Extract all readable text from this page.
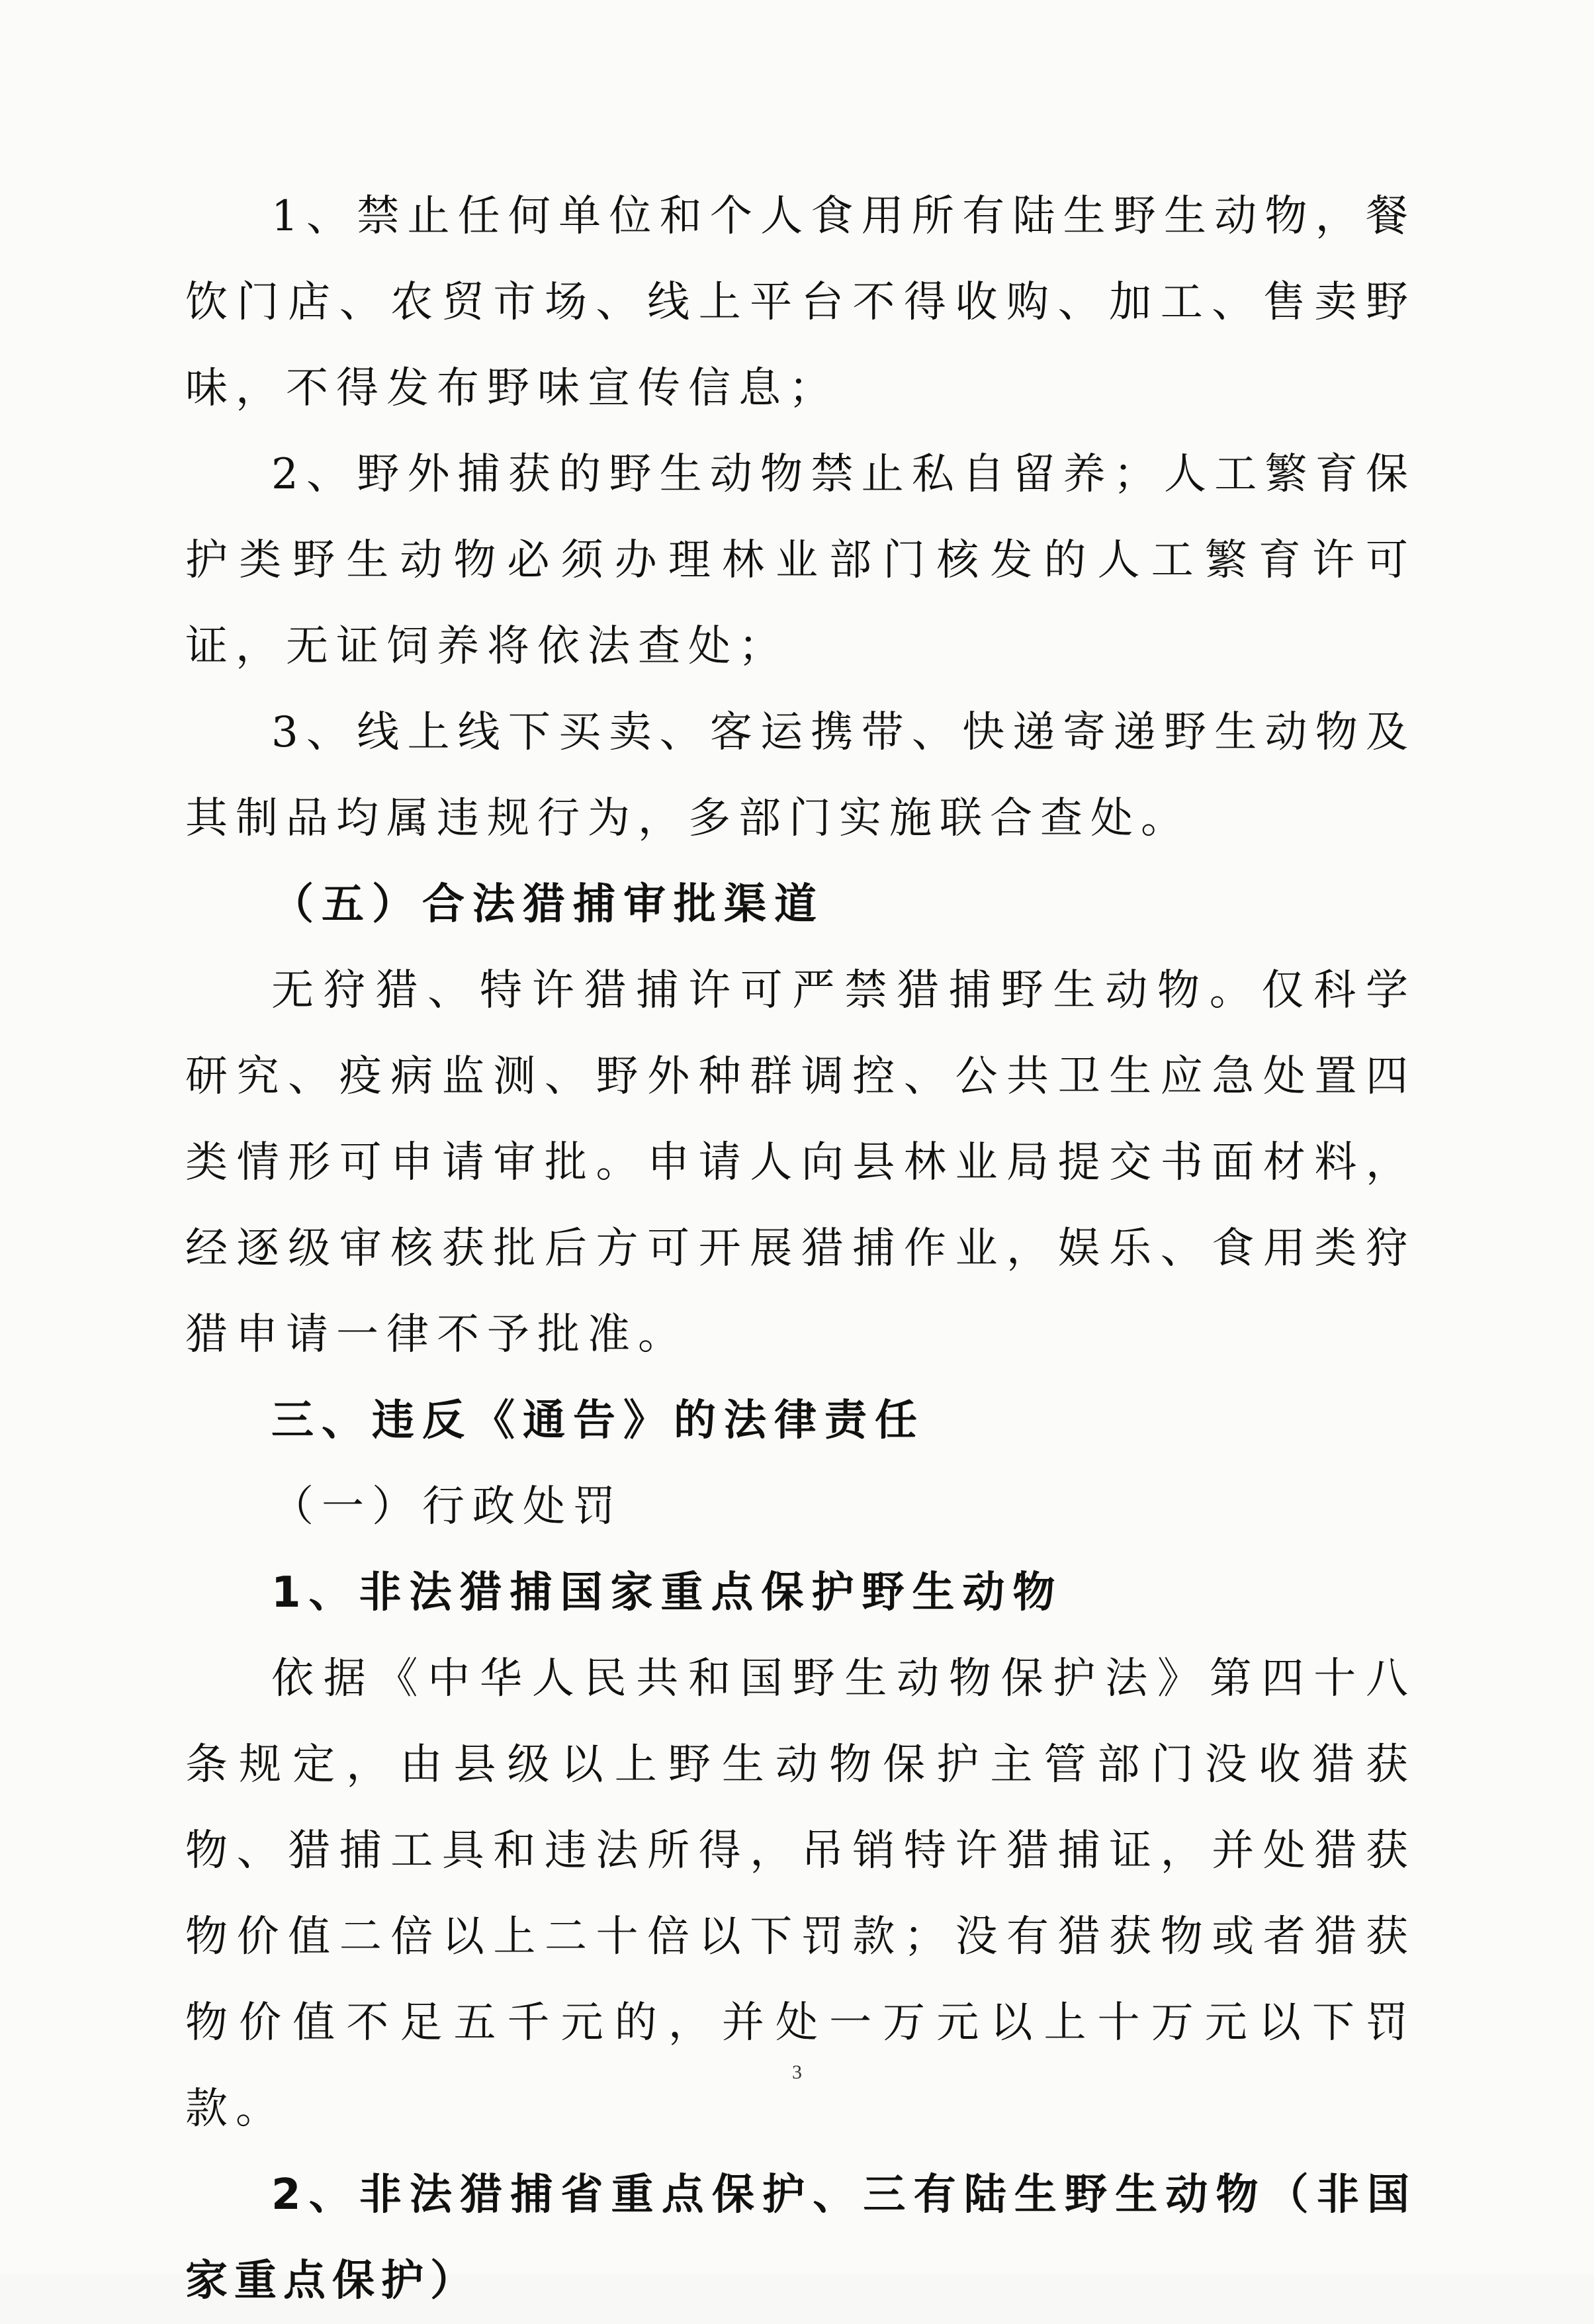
1、禁止任何单位和个人食用所有陆生野生动物，餐饮门店、农贸市场、线上平台不得收购、加工、售卖野味，不得发布野味宣传信息；

2、野外捕获的野生动物禁止私自留养；人工繁育保护类野生动物必须办理林业部门核发的人工繁育许可证，无证饲养将依法查处；

3、线上线下买卖、客运携带、快递寄递野生动物及其制品均属违规行为，多部门实施联合查处。

（五）合法猎捕审批渠道

无狩猎、特许猎捕许可严禁猎捕野生动物。仅科学研究、疫病监测、野外种群调控、公共卫生应急处置四类情形可申请审批。申请人向县林业局提交书面材料，经逐级审核获批后方可开展猎捕作业，娱乐、食用类狩猎申请一律不予批准。

三、违反《通告》的法律责任

（一）行政处罚

1、非法猎捕国家重点保护野生动物

依据《中华人民共和国野生动物保护法》第四十八条规定，由县级以上野生动物保护主管部门没收猎获物、猎捕工具和违法所得，吊销特许猎捕证，并处猎获物价值二倍以上二十倍以下罚款；没有猎获物或者猎获物价值不足五千元的，并处一万元以上十万元以下罚款。

2、非法猎捕省重点保护、三有陆生野生动物（非国家重点保护）

3
